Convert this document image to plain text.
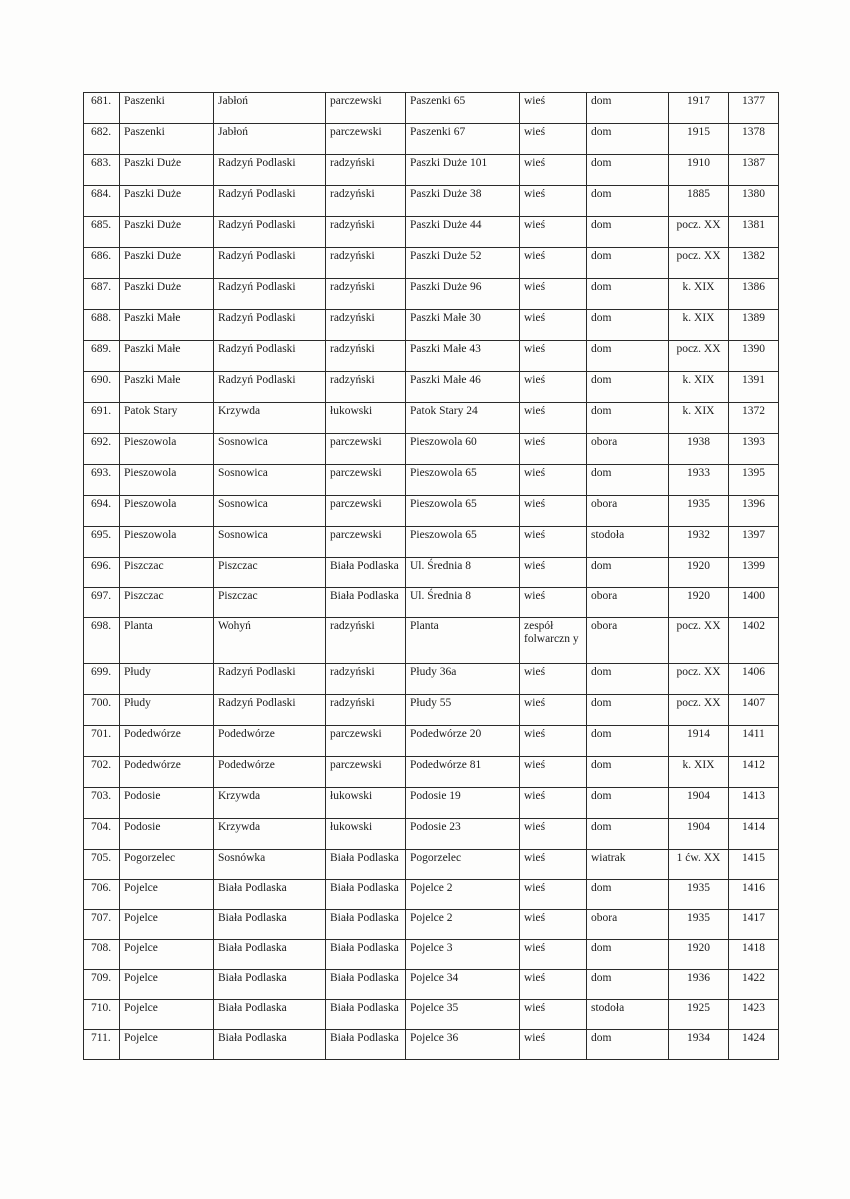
681.	Paszenki	Jabłoń	parczewski	Paszenki 65	wieś	dom	1917	1377
682.	Paszenki	Jabłoń	parczewski	Paszenki 67	wieś	dom	1915	1378
683.	Paszki Duże	Radzyń Podlaski	radzyński	Paszki Duże 101	wieś	dom	1910	1387
684.	Paszki Duże	Radzyń Podlaski	radzyński	Paszki Duże 38	wieś	dom	1885	1380
685.	Paszki Duże	Radzyń Podlaski	radzyński	Paszki Duże 44	wieś	dom	pocz. XX	1381
686.	Paszki Duże	Radzyń Podlaski	radzyński	Paszki Duże 52	wieś	dom	pocz. XX	1382
687.	Paszki Duże	Radzyń Podlaski	radzyński	Paszki Duże 96	wieś	dom	k. XIX	1386
688.	Paszki Małe	Radzyń Podlaski	radzyński	Paszki Małe 30	wieś	dom	k. XIX	1389
689.	Paszki Małe	Radzyń Podlaski	radzyński	Paszki Małe 43	wieś	dom	pocz. XX	1390
690.	Paszki Małe	Radzyń Podlaski	radzyński	Paszki Małe 46	wieś	dom	k. XIX	1391
691.	Patok Stary	Krzywda	łukowski	Patok Stary 24	wieś	dom	k. XIX	1372
692.	Pieszowola	Sosnowica	parczewski	Pieszowola 60	wieś	obora	1938	1393
693.	Pieszowola	Sosnowica	parczewski	Pieszowola 65	wieś	dom	1933	1395
694.	Pieszowola	Sosnowica	parczewski	Pieszowola 65	wieś	obora	1935	1396
695.	Pieszowola	Sosnowica	parczewski	Pieszowola 65	wieś	stodoła	1932	1397
696.	Piszczac	Piszczac	Biała Podlaska	Ul. Średnia 8	wieś	dom	1920	1399
697.	Piszczac	Piszczac	Biała Podlaska	Ul. Średnia 8	wieś	obora	1920	1400
698.	Planta	Wohyń	radzyński	Planta	zespół folwarczn y	obora	pocz. XX	1402
699.	Płudy	Radzyń Podlaski	radzyński	Płudy 36a	wieś	dom	pocz. XX	1406
700.	Płudy	Radzyń Podlaski	radzyński	Płudy 55	wieś	dom	pocz. XX	1407
701.	Podedwórze	Podedwórze	parczewski	Podedwórze 20	wieś	dom	1914	1411
702.	Podedwórze	Podedwórze	parczewski	Podedwórze 81	wieś	dom	k. XIX	1412
703.	Podosie	Krzywda	łukowski	Podosie 19	wieś	dom	1904	1413
704.	Podosie	Krzywda	łukowski	Podosie 23	wieś	dom	1904	1414
705.	Pogorzelec	Sosnówka	Biała Podlaska	Pogorzelec	wieś	wiatrak	1 ćw. XX	1415
706.	Pojelce	Biała Podlaska	Biała Podlaska	Pojelce 2	wieś	dom	1935	1416
707.	Pojelce	Biała Podlaska	Biała Podlaska	Pojelce 2	wieś	obora	1935	1417
708.	Pojelce	Biała Podlaska	Biała Podlaska	Pojelce 3	wieś	dom	1920	1418
709.	Pojelce	Biała Podlaska	Biała Podlaska	Pojelce 34	wieś	dom	1936	1422
710.	Pojelce	Biała Podlaska	Biała Podlaska	Pojelce 35	wieś	stodoła	1925	1423
711.	Pojelce	Biała Podlaska	Biała Podlaska	Pojelce 36	wieś	dom	1934	1424
